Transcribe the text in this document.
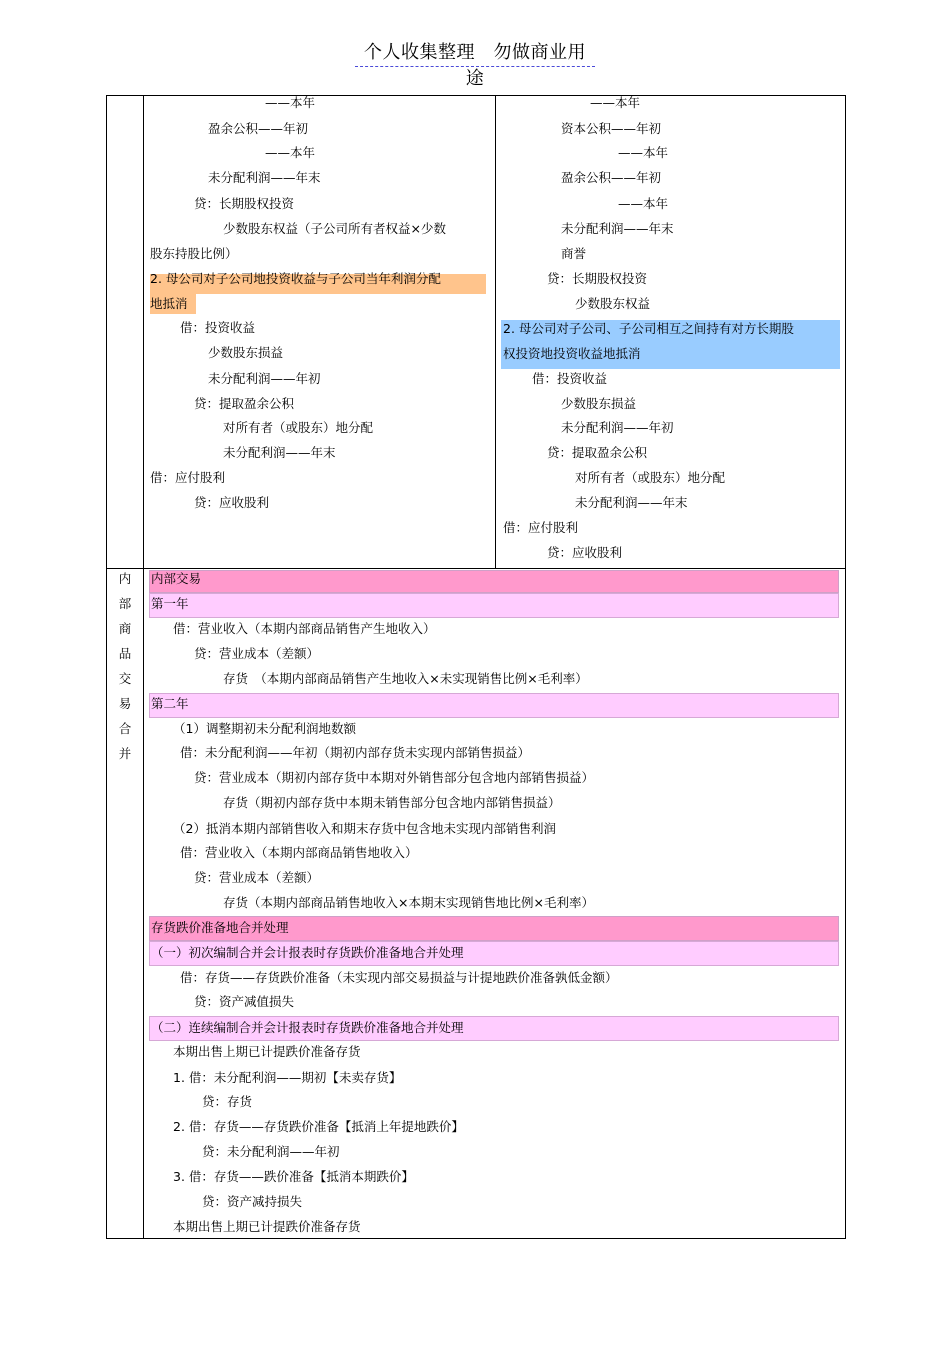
个人收集整理　勿做商业用途
——本年
盈余公积——年初
——本年
未分配利润——年末
贷：长期股权投资
少数股东权益（子公司所有者权益×少数
股东持股比例）
2. 母公司对子公司地投资收益与子公司当年利润分配
地抵消
借：投资收益
少数股东损益
未分配利润——年初
贷：提取盈余公积
对所有者（或股东）地分配
未分配利润——年末
借：应付股利
贷：应收股利
——本年
资本公积——年初
——本年
盈余公积——年初
——本年
未分配利润——年末
商誉
贷：长期股权投资
少数股东权益
2. 母公司对子公司、子公司相互之间持有对方长期股
权投资地投资收益地抵消
借：投资收益
少数股东损益
未分配利润——年初
贷：提取盈余公积
对所有者（或股东）地分配
未分配利润——年末
借：应付股利
贷：应收股利
内
部
商
品
交
易
合
并
内部交易
第一年
借：营业收入（本期内部商品销售产生地收入）
贷：营业成本（差额）
存货　（本期内部商品销售产生地收入×未实现销售比例×毛利率）
第二年
（1）调整期初未分配利润地数额
借：未分配利润——年初（期初内部存货未实现内部销售损益）
贷：营业成本（期初内部存货中本期对外销售部分包含地内部销售损益）
存货（期初内部存货中本期未销售部分包含地内部销售损益）
（2）抵消本期内部销售收入和期末存货中包含地未实现内部销售利润
借：营业收入（本期内部商品销售地收入）
贷：营业成本（差额）
存货（本期内部商品销售地收入×本期末实现销售地比例×毛利率）
存货跌价准备地合并处理
（一）初次编制合并会计报表时存货跌价准备地合并处理
借：存货——存货跌价准备（未实现内部交易损益与计提地跌价准备孰低金额）
贷：资产减值损失
（二）连续编制合并会计报表时存货跌价准备地合并处理
本期出售上期已计提跌价准备存货
1. 借：未分配利润——期初【未卖存货】
贷：存货
2. 借：存货——存货跌价准备【抵消上年提地跌价】
贷：未分配利润——年初
3. 借：存货——跌价准备【抵消本期跌价】
贷：资产减持损失
本期出售上期已计提跌价准备存货
